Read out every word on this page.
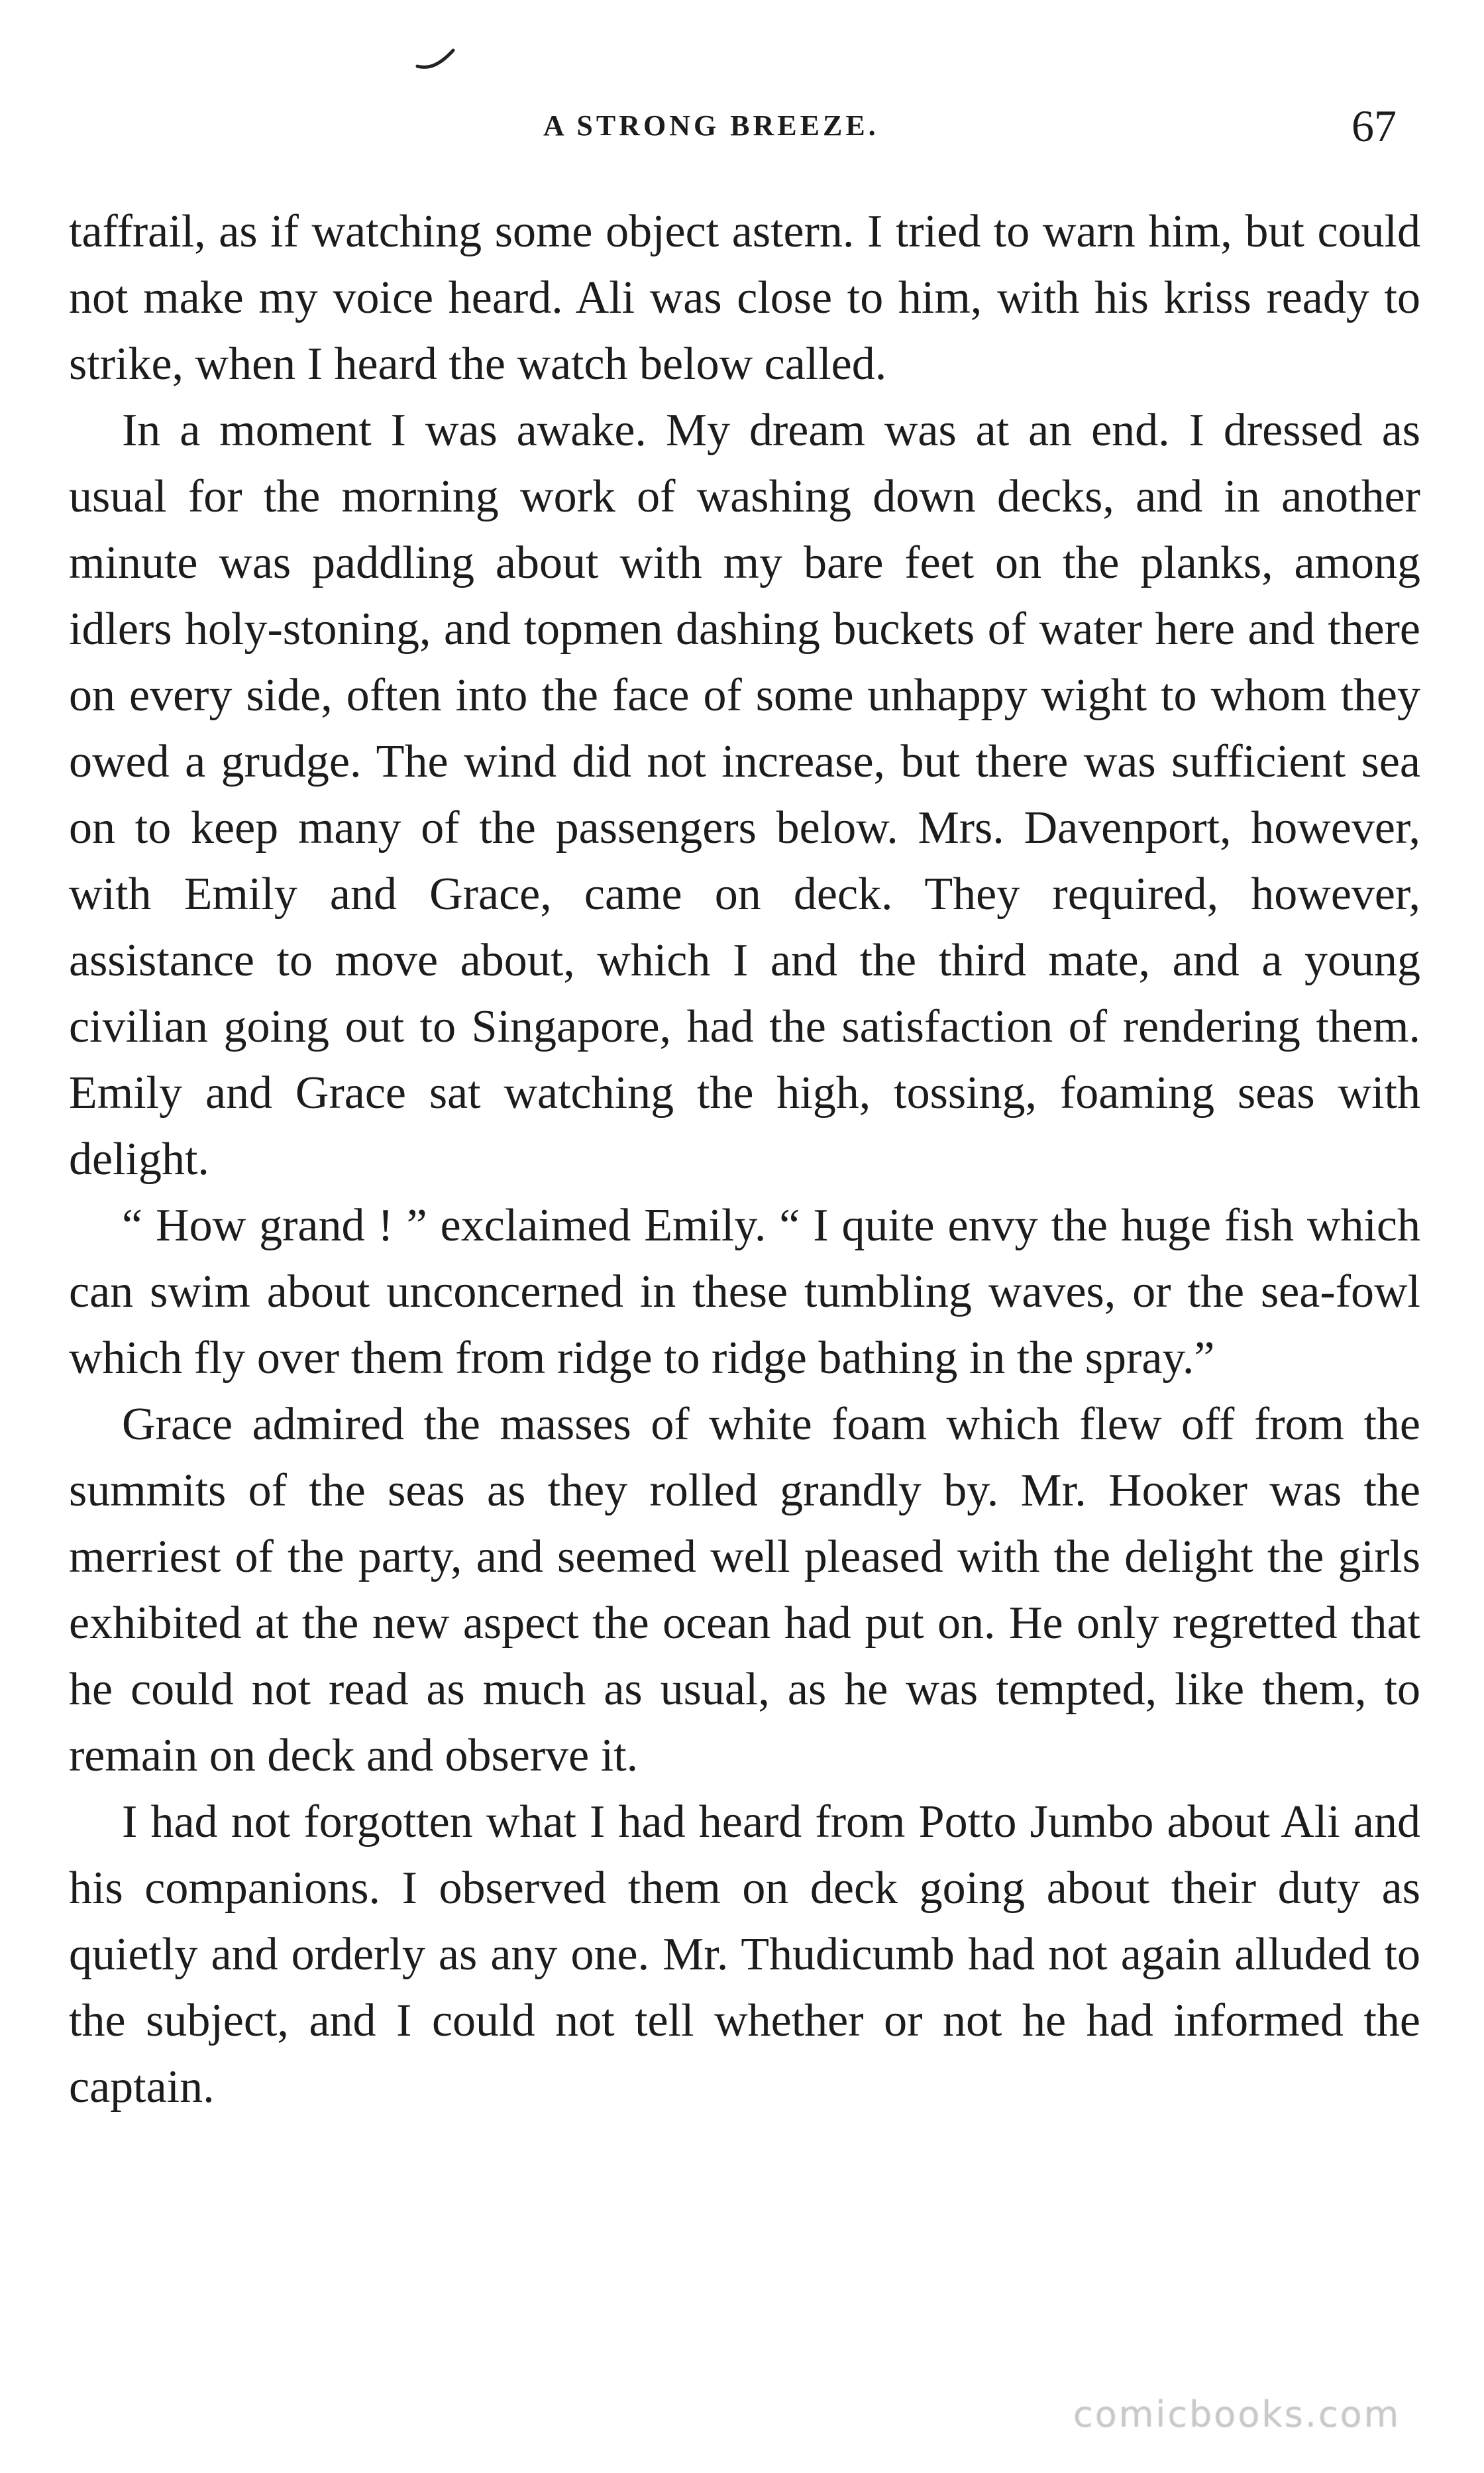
A STRONG BREEZE.	67

taffrail, as if watching some object astern. I tried to warn him, but could not make my voice heard. Ali was close to him, with his kriss ready to strike, when I heard the watch below called.

In a moment I was awake. My dream was at an end. I dressed as usual for the morning work of washing down decks, and in another minute was paddling about with my bare feet on the planks, among idlers holy-stoning, and topmen dashing buckets of water here and there on every side, often into the face of some unhappy wight to whom they owed a grudge. The wind did not increase, but there was sufficient sea on to keep many of the passengers below. Mrs. Davenport, however, with Emily and Grace, came on deck. They required, however, assistance to move about, which I and the third mate, and a young civilian going out to Singapore, had the satisfaction of rendering them. Emily and Grace sat watching the high, tossing, foaming seas with delight.

“ How grand ! ” exclaimed Emily. “ I quite envy the huge fish which can swim about unconcerned in these tumbling waves, or the sea-fowl which fly over them from ridge to ridge bathing in the spray.”

Grace admired the masses of white foam which flew off from the summits of the seas as they rolled grandly by. Mr. Hooker was the merriest of the party, and seemed well pleased with the delight the girls exhibited at the new aspect the ocean had put on. He only regretted that he could not read as much as usual, as he was tempted, like them, to remain on deck and observe it.

I had not forgotten what I had heard from Potto Jumbo about Ali and his companions. I observed them on deck going about their duty as quietly and orderly as any one. Mr. Thudicumb had not again alluded to the subject, and I could not tell whether or not he had informed the captain.

comicbooks.com
